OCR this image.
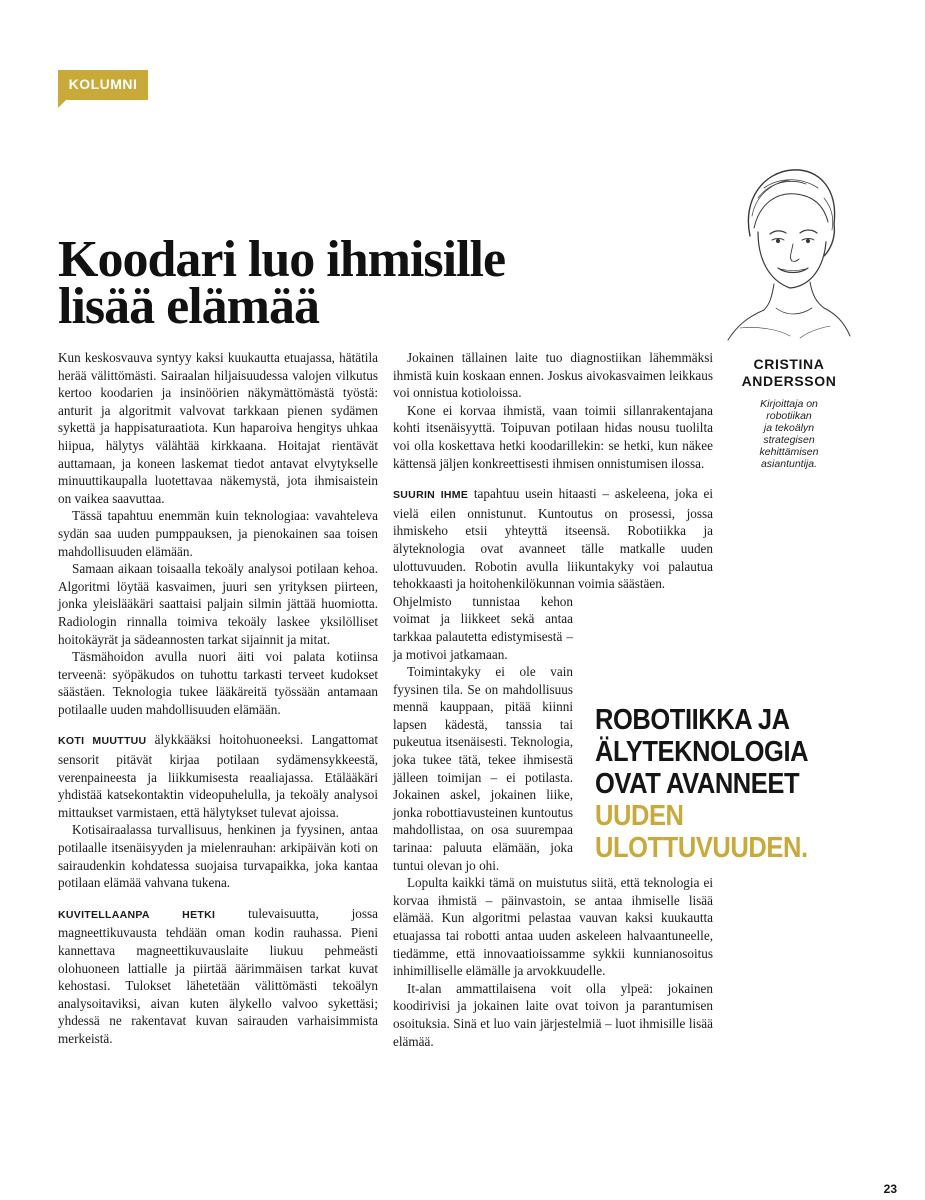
KOLUMNI
Koodari luo ihmisille
lisää elämää
CRISTINA
ANDERSSON
Kirjoittaja on
robotiikan
ja tekoälyn
strategisen
kehittämisen
asiantuntija.

Kun keskosvauva syntyy kaksi kuukautta etuajassa, hätätila herää välittömästi. Sairaalan hiljaisuudessa valojen vilkutus kertoo koodarien ja insinöörien näkymättömästä työstä: anturit ja algoritmit valvovat tarkkaan pienen sydämen sykettä ja happisaturaatiota. Kun haparoiva hengitys uhkaa hiipua, hälytys välähtää kirkkaana. Hoitajat rientävät auttamaan, ja koneen laskemat tiedot antavat elvytykselle minuuttikaupalla luotettavaa näkemystä, jota ihmisaistein on vaikea saavuttaa.

Tässä tapahtuu enemmän kuin teknologiaa: vavahteleva sydän saa uuden pumppauksen, ja pienokainen saa toisen mahdollisuuden elämään.

Samaan aikaan toisaalla tekoäly analysoi potilaan kehoa. Algoritmi löytää kasvaimen, juuri sen yrityksen piirteen, jonka yleislääkäri saattaisi paljain silmin jättää huomiotta. Radiologin rinnalla toimiva tekoäly laskee yksilölliset hoitokäyrät ja sädeannosten tarkat sijainnit ja mitat.

Täsmähoidon avulla nuori äiti voi palata kotiinsa terveenä: syöpäkudos on tuhottu tarkasti terveet kudokset säästäen. Teknologia tukee lääkäreitä työssään antamaan potilaalle uuden mahdollisuuden elämään.

KOTI MUUTTUU älykkääksi hoitohuoneeksi. Langattomat sensorit pitävät kirjaa potilaan sydämensykkeestä, verenpaineesta ja liikkumisesta reaaliajassa. Etälääkäri yhdistää katsekontaktin videopuhelulla, ja tekoäly analysoi mittaukset varmistaen, että hälytykset tulevat ajoissa.

Kotisairaalassa turvallisuus, henkinen ja fyysinen, antaa potilaalle itsenäisyyden ja mielenrauhan: arkipäivän koti on sairaudenkin kohdatessa suojaisa turvapaikka, joka kantaa potilaan elämää vahvana tukena.

KUVITELLAANPA HETKI tulevaisuutta, jossa magneettikuvausta tehdään oman kodin rauhassa. Pieni kannettava magneettikuvauslaite liukuu pehmeästi olohuoneen lattialle ja piirtää äärimmäisen tarkat kuvat kehostasi. Tulokset lähetetään välittömästi tekoälyn analysoitaviksi, aivan kuten älykello valvoo sykettäsi; yhdessä ne rakentavat kuvan sairauden varhaisimmista merkeistä.

Jokainen tällainen laite tuo diagnostiikan lähemmäksi ihmistä kuin koskaan ennen. Joskus aivokasvaimen leikkaus voi onnistua kotioloissa.

Kone ei korvaa ihmistä, vaan toimii sillanrakentajana kohti itsenäisyyttä. Toipuvan potilaan hidas nousu tuolilta voi olla koskettava hetki koodarillekin: se hetki, kun näkee kättensä jäljen konkreettisesti ihmisen onnistumisen ilossa.

SUURIN IHME tapahtuu usein hitaasti – askeleena, joka ei vielä eilen onnistunut. Kuntoutus on prosessi, jossa ihmiskeho etsii yhteyttä itseensä. Robotiikka ja älyteknologia ovat avanneet tälle matkalle uuden ulottuvuuden. Robotin avulla liikuntakyky voi palautua tehokkaasti ja hoitohenkilökunnan voimia säästäen.

Ohjelmisto tunnistaa kehon voimat ja liikkeet sekä antaa tarkkaa palautetta edistymisestä – ja motivoi jatkamaan.

Toimintakyky ei ole vain fyysinen tila. Se on mahdollisuus mennä kauppaan, pitää kiinni lapsen kädestä, tanssia tai pukeutua itsenäisesti. Teknologia, joka tukee tätä, tekee ihmisestä jälleen toimijan – ei potilasta. Jokainen askel, jokainen liike, jonka robottiavusteinen kuntoutus mahdollistaa, on osa suurempaa tarinaa: paluuta elämään, joka tuntui olevan jo ohi.

Lopulta kaikki tämä on muistutus siitä, että teknologia ei korvaa ihmistä – päinvastoin, se antaa ihmiselle lisää elämää. Kun algoritmi pelastaa vauvan kaksi kuukautta etuajassa tai robotti antaa uuden askeleen halvaantuneelle, tiedämme, että innovaatioissamme sykkii kunnianosoitus inhimilliselle elämälle ja arvokkuudelle.

It-alan ammattilaisena voit olla ylpeä: jokainen koodirivisi ja jokainen laite ovat toivon ja parantumisen osoituksia. Sinä et luo vain järjestelmiä – luot ihmisille lisää elämää.

ROBOTIIKKA JA
ÄLYTEKNOLOGIA
OVAT AVANNEET
UUDEN
ULOTTUVUUDEN.
23
